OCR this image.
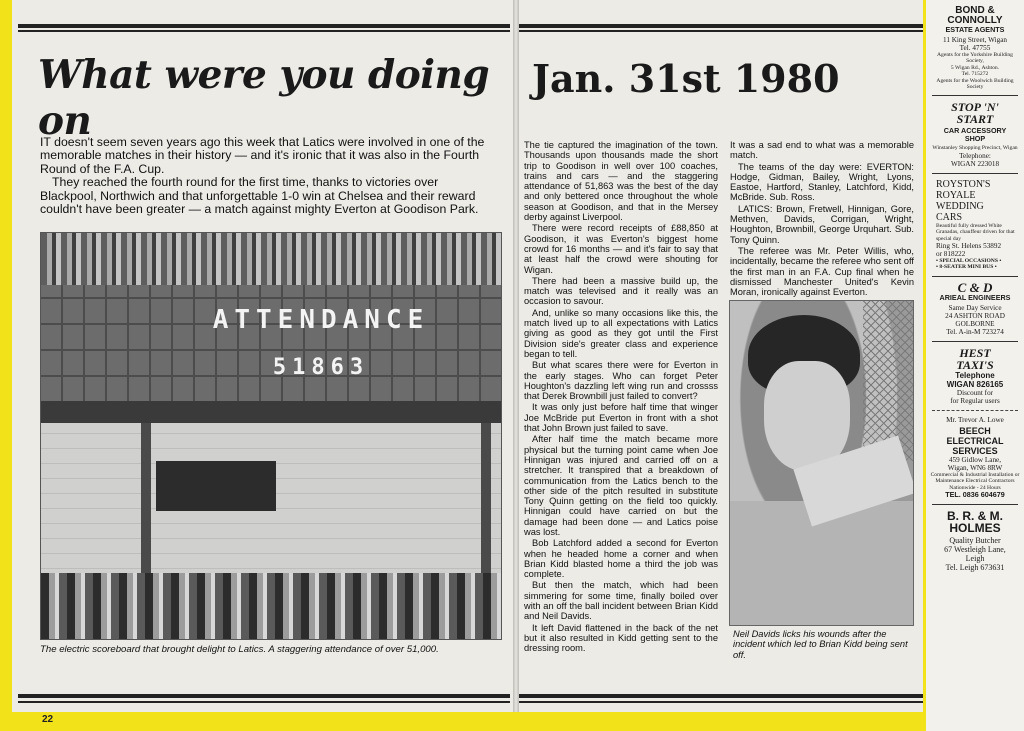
What were you doing on
Jan. 31st 1980

IT doesn't seem seven years ago this week that Latics were involved in one of the memorable matches in their history — and it's ironic that it was also in the Fourth Round of the F.A. Cup.

They reached the fourth round for the first time, thanks to victories over Blackpool, Northwich and that unforgettable 1-0 win at Chelsea and their reward couldn't have been greater — a match against mighty Everton at Goodison Park.

ATTENDANCE
51863
The electric scoreboard that brought delight to Latics. A staggering attendance of over 51,000.

The tie captured the imagination of the town. Thousands upon thousands made the short trip to Goodison in well over 100 coaches, trains and cars — and the staggering attendance of 51,863 was the best of the day and only bettered once throughout the whole season at Goodison, and that in the Mersey derby against Liverpool.

There were record receipts of £88,850 at Goodison, it was Everton's biggest home crowd for 16 months — and it's fair to say that at least half the crowd were shouting for Wigan.

There had been a massive build up, the match was televised and it really was an occasion to savour.

And, unlike so many occasions like this, the match lived up to all expectations with Latics giving as good as they got until the First Division side's greater class and experience began to tell.

But what scares there were for Everton in the early stages. Who can forget Peter Houghton's dazzling left wing run and crossss that Derek Brownbill just failed to convert?

It was only just before half time that winger Joe McBride put Everton in front with a shot that John Brown just failed to save.

After half time the match became more physical but the turning point came when Joe Hinnigan was injured and carried off on a stretcher. It transpired that a breakdown of communication from the Latics bench to the other side of the pitch resulted in substitute Tony Quinn getting on the field too quickly. Hinnigan could have carried on but the damage had been done — and Latics poise was lost.

Bob Latchford added a second for Everton when he headed home a corner and when Brian Kidd blasted home a third the job was complete.

But then the match, which had been simmering for some time, finally boiled over with an off the ball incident between Brian Kidd and Neil Davids.

It left David flattened in the back of the net but it also resulted in Kidd getting sent to the dressing room.

It was a sad end to what was a memorable match.

The teams of the day were: EVERTON: Hodge, Gidman, Bailey, Wright, Lyons, Eastoe, Hartford, Stanley, Latchford, Kidd, McBride. Sub. Ross.

LATICS: Brown, Fretwell, Hinnigan, Gore, Methven, Davids, Corrigan, Wright, Houghton, Brownbill, George Urquhart. Sub. Tony Quinn.

The referee was Mr. Peter Willis, who, incidentally, became the referee who sent off the first man in an F.A. Cup final when he dismissed Manchester United's Kevin Moran, ironically against Everton.

Neil Davids licks his wounds after the incident which led to Brian Kidd being sent off.
22
BOND &
CONNOLLY
ESTATE AGENTS
11 King Street, Wigan
Tel. 47755
Agents for the Yorkshire Building Society,
5 Wigan Rd., Ashton.
Tel. 715272
Agents for the Woolwich Building Society
STOP 'N'
START
CAR ACCESSORY
SHOP
Winstanley Shopping Precinct, Wigan
Telephone:
WIGAN 223018
ROYSTON'S
ROYALE
WEDDING
CARS
Beautiful fully dressed White Granadas, chauffeur driven for that special day
Ring St. Helens 53892
or 818222
• SPECIAL OCCASIONS •
• 8-SEATER MINI BUS •
C & D
ARIEAL ENGINEERS
Same Day Service
24 ASHTON ROAD
GOLBORNE
Tel. A-in-M 723274
HEST
TAXI'S
Telephone
WIGAN 826165
Discount for
for Regular users
Mr. Trevor A. Lowe
BEECH
ELECTRICAL
SERVICES
459 Gidlow Lane,
Wigan, WN6 8RW
Commercial & Industrial Installation or Maintenance Electrical Contractors Nationwide - 24 Hours
TEL. 0836 604679
B. R. & M.
HOLMES
Quality Butcher
67 Westleigh Lane,
Leigh
Tel. Leigh 673631
